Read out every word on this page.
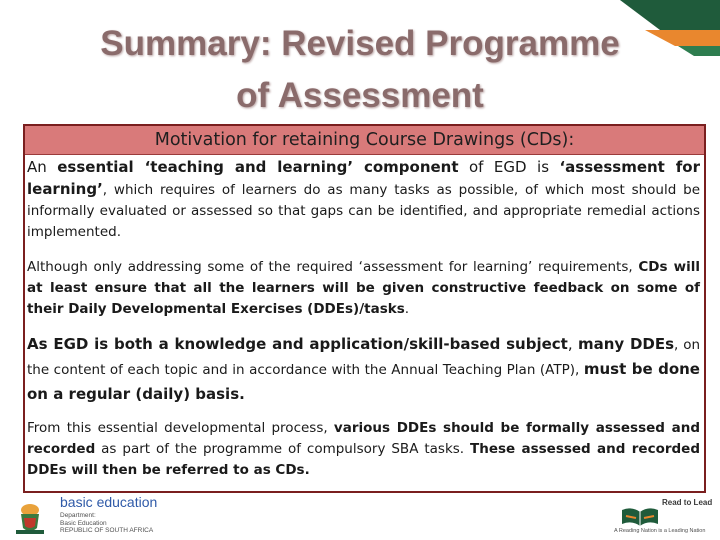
Summary: Revised Programme
of Assessment
Motivation for retaining Course Drawings (CDs):

An essential ‘teaching and learning’ component of EGD is ‘assessment for learning’, which requires of learners do as many tasks as possible, of which most should be informally evaluated or assessed so that gaps can be identified, and appropriate remedial actions implemented.

Although only addressing some of the required ‘assessment for learning’ requirements, CDs will at least ensure that all the learners will be given constructive feedback on some of their Daily Developmental Exercises (DDEs)/tasks.

As EGD is both a knowledge and application/skill-based subject, many DDEs, on the content of each topic and in accordance with the Annual Teaching Plan (ATP), must be done on a regular (daily) basis.

From this essential developmental process, various DDEs should be formally assessed and recorded as part of the programme of compulsory SBA tasks. These assessed and recorded DDEs will then be referred to as CDs.

basic education
Department:
Basic Education
REPUBLIC OF SOUTH AFRICA
Read to Lead
A Reading Nation is a Leading Nation
